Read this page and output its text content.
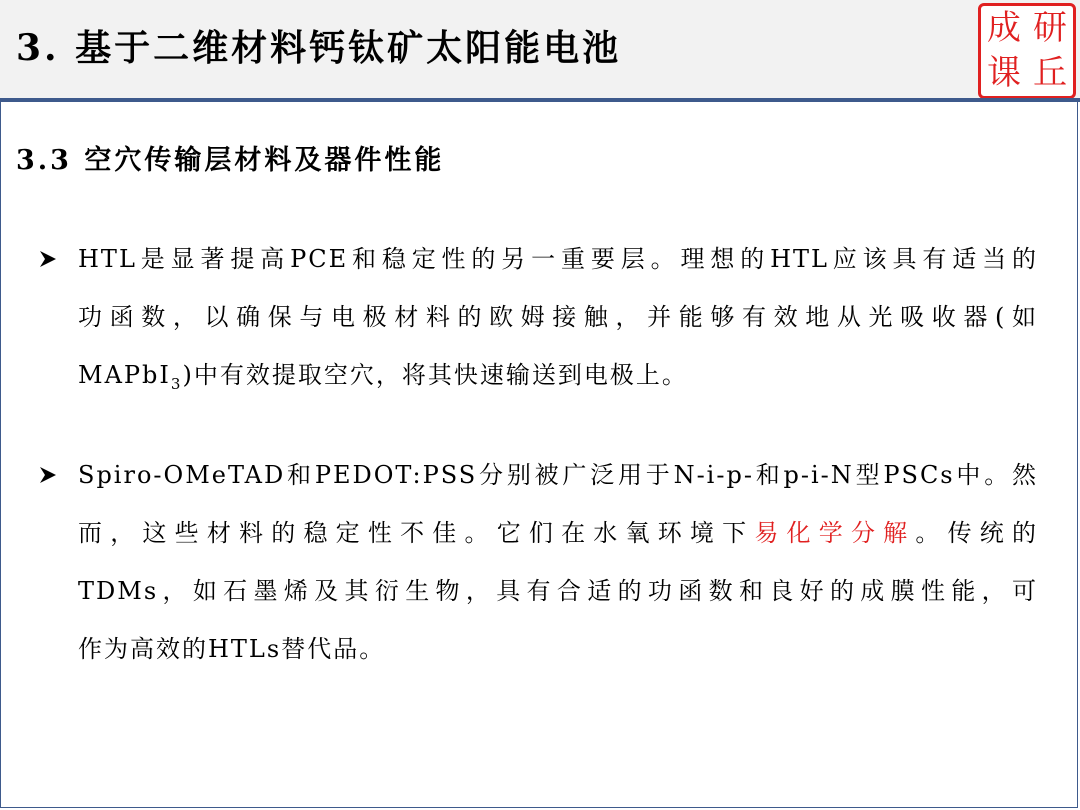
3. 基于二维材料钙钛矿太阳能电池	成 研
课 丘
3.3 空穴传输层材料及器件性能
HTL是显著提高PCE和稳定性的另一重要层。理想的HTL应该具有适当的
功函数，以确保与电极材料的欧姆接触，并能够有效地从光吸收器(如
MAPbI$_3$)中有效提取空穴，将其快速输送到电极上。
Spiro-OMeTAD和PEDOT:PSS分别被广泛用于N-i-p-和p-i-N型PSCs中。然
而，这些材料的稳定性不佳。它们在水氧环境下易化学分解。传统的
TDMs，如石墨烯及其衍生物，具有合适的功函数和良好的成膜性能，可
作为高效的HTLs替代品。
